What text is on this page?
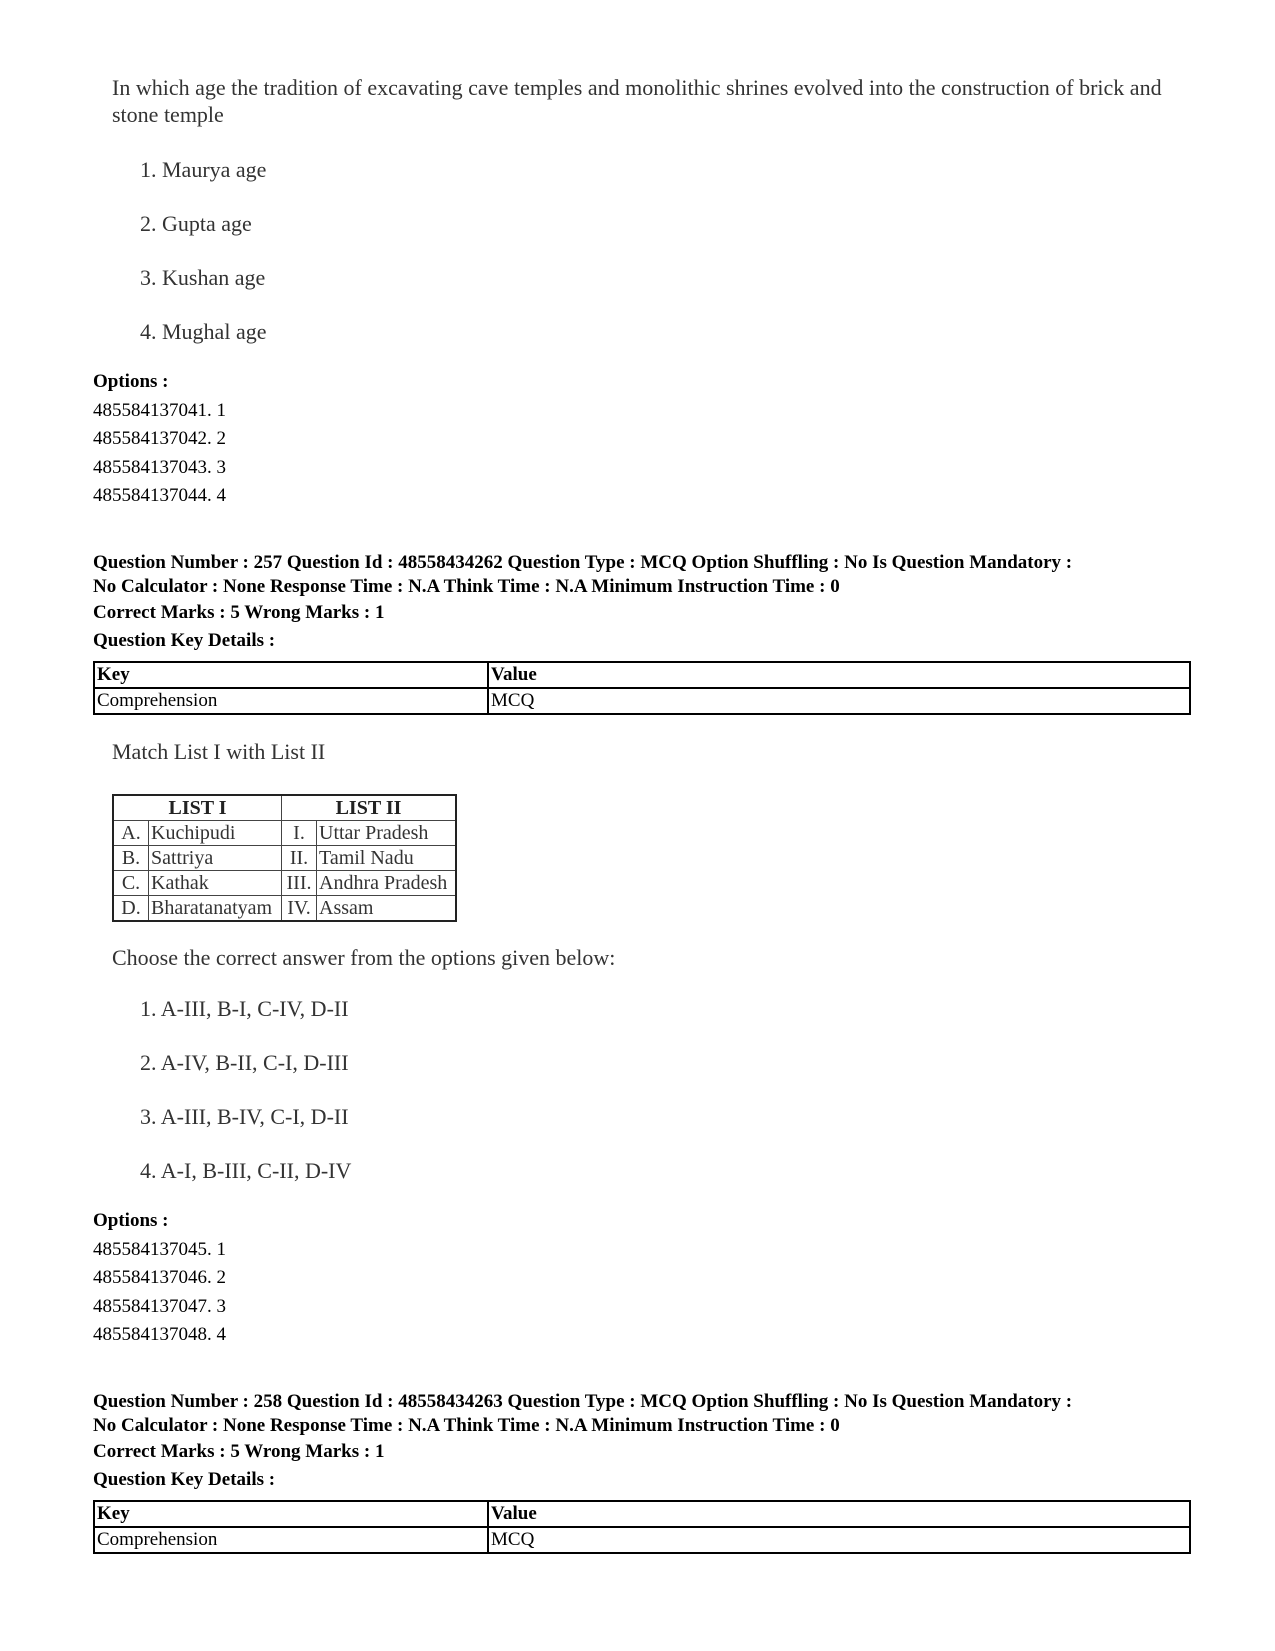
In which age the tradition of excavating cave temples and monolithic shrines evolved into the construction of brick and stone temple
1. Maurya age
2. Gupta age
3. Kushan age
4. Mughal age
Options :
485584137041. 1
485584137042. 2
485584137043. 3
485584137044. 4
Question Number : 257 Question Id : 48558434262 Question Type : MCQ Option Shuffling : No Is Question Mandatory :
No Calculator : None Response Time : N.A Think Time : N.A Minimum Instruction Time : 0
Correct Marks : 5 Wrong Marks : 1
Question Key Details :
Key	Value
Comprehension	MCQ
Match List I with List II
LIST I		LIST II	
A.	Kuchipudi	I.	Uttar Pradesh
B.	Sattriya	II.	Tamil Nadu
C.	Kathak	III.	Andhra Pradesh
D.	Bharatanatyam	IV.	Assam
Choose the correct answer from the options given below:
1. A-III, B-I, C-IV, D-II
2. A-IV, B-II, C-I, D-III
3. A-III, B-IV, C-I, D-II
4. A-I, B-III, C-II, D-IV
Options :
485584137045. 1
485584137046. 2
485584137047. 3
485584137048. 4
Question Number : 258 Question Id : 48558434263 Question Type : MCQ Option Shuffling : No Is Question Mandatory :
No Calculator : None Response Time : N.A Think Time : N.A Minimum Instruction Time : 0
Correct Marks : 5 Wrong Marks : 1
Question Key Details :
Key	Value
Comprehension	MCQ
